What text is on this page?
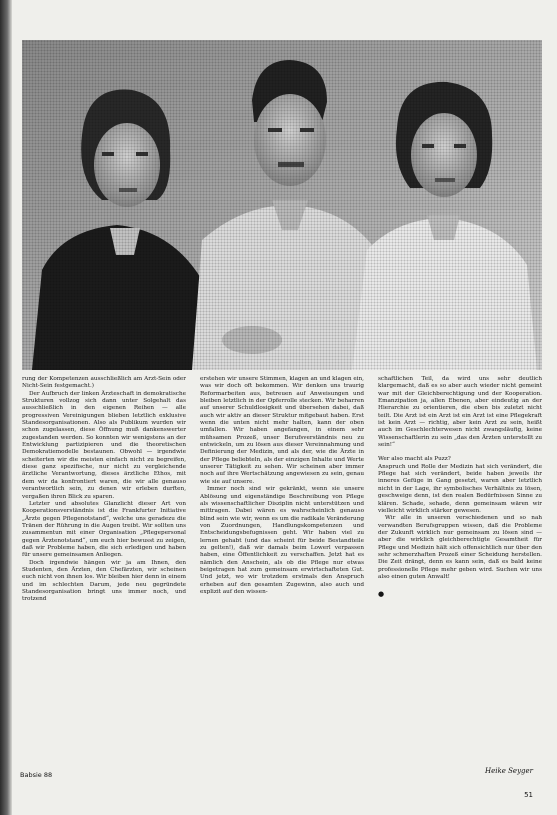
rung der Kompetenzen ausschließlich am Arzt-Sein oder Nicht-Sein festgemacht.)

Der Aufbruch der linken Ärzteschaft in demokratische Strukturen vollzog sich dann unter Solgehalt das ausschließlich in den eigenen Reihen — alle progressiven Vereinigungen blieben letztlich exklusive Standesorganisationen. Also als Publikum wurden wir schon zugelassen, diese Öffnung muß dankenswerter zugestanden werden. So konnten wir wenigstens an der Entwicklung partizipieren und die theoretischen Demokratiemodelle bestaunen. Obwohl — irgendwie scheiterten wir die meisten einfach nicht zu begreifen, diese ganz spezifische, nur nicht zu vergleichende ärztliche Verantwortung, dieses ärztliche Ethos, mit dem wir da konfrontiert waren, die wir alle genauso verantwortlich sein, zu denen wir erleben durften, vergaßen ihren Blick zu sparen.

Letzter und absolutes Glanzlicht dieser Art von Kooperationsverständnis ist die Frankfurter Initiative „Ärzte gegen Pflegenotstand“, welche uns geradezu die Tränen der Rührung in die Augen treibt. Wir sollten uns zusammentun mit einer Organisation „Pflegepersonal gegen Ärztenotstand“, um euch hier bewusst zu zeigen, daß wir Probleme haben, die sich erledigen und haben für unsere gemeinsamen Anliegen.

Doch irgendwie hängen wir ja am Ihnen, den Studenten, den Ärzten, den Chefärzten, wir scheinen euch nicht von ihnen los. Wir bleiben hier denn in einem und im schlechten Darum, jede neu gegründete Standesorganisation bringt uns immer noch, und trotzend

erstehen wir unsere Stimmen, klagen an und klagen ein, was wir doch oft bekommen. Wir denken uns traurig Reformarbeiten aus, betreuen auf Anweisungen und bleiben letztlich in der Opferrolle stecken. Wir beharren auf unserer Schuldlosigkeit und übersehen dabei, daß auch wir aktiv an dieser Struktur mitgebaut haben. Erst wenn die unten nicht mehr halten, kann der oben umfallen. Wir haben angefangen, in einem sehr mühsamen Prozeß, unser Berufsverständnis neu zu entwickeln, um zu lösen aus dieser Vereinnahmung und Definierung der Medizin, und als der, wie die Ärzte in der Pflege beliebteln, als der einzigen Inhalte und Werte unserer Tätigkeit zu sehen. Wir scheinen aber immer noch auf ihre Wertschätzung angewiesen zu sein, genau wie sie auf unsere.

Immer noch sind wir gekränkt, wenn sie unsere Ablösung und eigenständige Beschreibung von Pflege als wissenschaftlicher Disziplin nicht unterstützen und mittragen. Dabei wären es wahrscheinlich genauso blind sein wie wir, wenn es um die radikale Veränderung von Zuordnungen, Handlungskompetenzen und Entscheidungsbefugnissen geht. Wir haben viel zu lernen gehabt (und das scheint für beide Bestandteile zu gelten!), daß wir damals beim Lowerl verpassen haben, eine Öffentlichkeit zu verschaffen. Jetzt hat es nämlich den Anschein, als ob die Pflege nur etwas beigetragen hat zum gemeinsam erwirtschafteten Gut. Und jetzt, wo wir trotzdem erstmals den Anspruch erheben auf den gesamten Zugewinn, also auch und explizit auf den wissen-

schaftlichen Teil, da wird uns sehr deutlich klargemacht, daß es so aber auch wieder nicht gemeint war mit der Gleichberechtigung und der Kooperation. Emanzipation ja, allen Ebenen, aber eindeutig an der Hierarchie zu orientieren, die eben bis zuletzt nicht teilt. Die Arzt ist ein Arzt ist ein Arzt ist eine Pflegekraft ist kein Arzt — richtig, aber kein Arzt zu sein, heißt auch im Geschlechterwesen nicht zwangsläufig, keine Wissenschaftlerin zu sein „das den Ärzten unterstellt zu sein!“

Wer also macht als Puzz?

Anspruch und Rolle der Medizin hat sich verändert, die Pflege hat sich verändert, beide haben jeweils ihr inneres Gefüge in Gang gesetzt, waren aber letztlich nicht in der Lage, ihr symbolisches Verhältnis zu lösen, geschweige denn, ist den realen Bedürfnissen Sinne zu klären. Schade, sehade, denn gemeinsam wären wir vielleicht wirklich stärker gewesen.

Wir alle in unseren verschiedenen und so nah verwandten Berufsgruppen wissen, daß die Probleme der Zukunft wirklich nur gemeinsam zu lösen sind — aber die wirklich gleichberechtigte Gesamtheit für Pflege und Medizin hält sich offensichtlich nur über den sehr schmerzhaften Prozeß einer Scheidung herstellen. Die Zeit drängt, denn es kann sein, daß es bald keine professionelle Pflege mehr geben wird. Suchen wir uns also einen guten Anwalt!

●
Heike Seyger
Babsie 88
51
